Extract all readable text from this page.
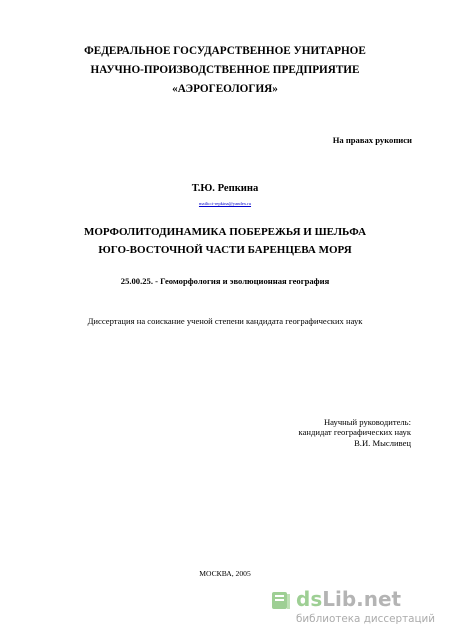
ФЕДЕРАЛЬНОЕ ГОСУДАРСТВЕННОЕ УНИТАРНОЕ
НАУЧНО-ПРОИЗВОДСТВЕННОЕ ПРЕДПРИЯТИЕ
«АЭРОГЕОЛОГИЯ»
На правах рукописи
Т.Ю. Репкина
mailto:t-repkina@yandex.ru
МОРФОЛИТОДИНАМИКА ПОБЕРЕЖЬЯ И ШЕЛЬФА
ЮГО-ВОСТОЧНОЙ ЧАСТИ БАРЕНЦЕВА МОРЯ
25.00.25. - Геоморфология и эволюционная география
Диссертация на соискание ученой степени кандидата географических наук
Научный руководитель:
кандидат географических наук
В.И. Мысливец
МОСКВА, 2005
dsLib.net
библиотека диссертаций
